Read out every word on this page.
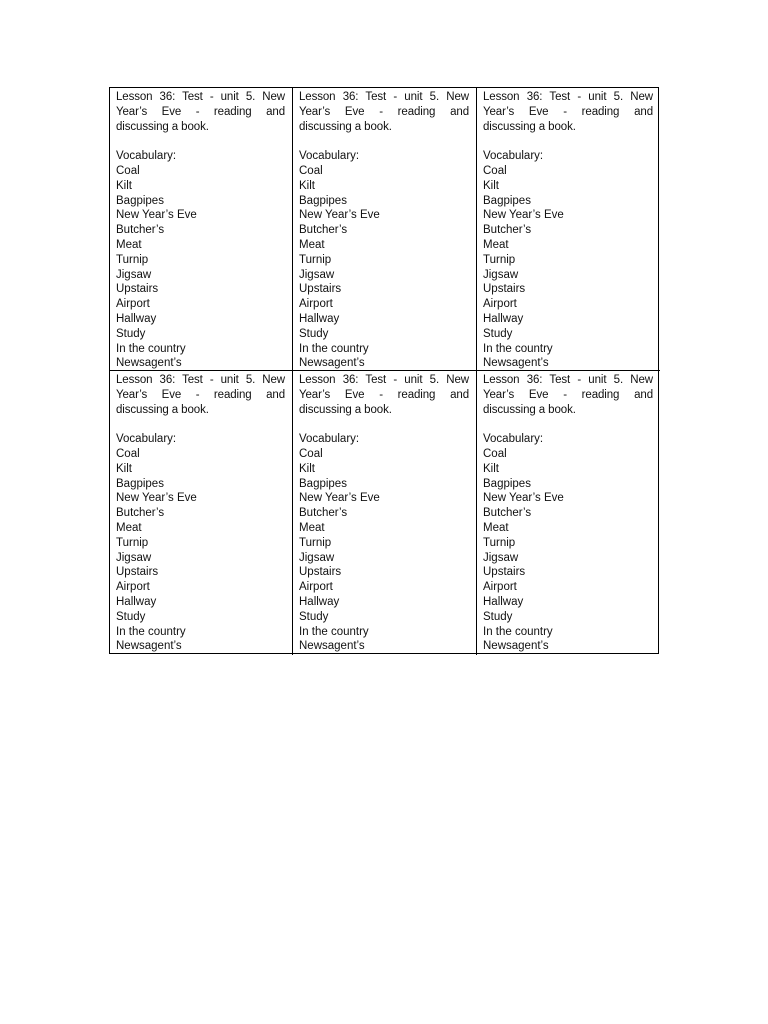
Lesson 36: Test - unit 5. New Year’s Eve - reading and discussing a book.

Vocabulary:

Coal
Kilt
Bagpipes
New Year’s Eve
Butcher’s
Meat
Turnip
Jigsaw
Upstairs
Airport
Hallway
Study
In the country
Newsagent’s

Lesson 36: Test - unit 5. New Year’s Eve - reading and discussing a book.

Vocabulary:

Coal
Kilt
Bagpipes
New Year’s Eve
Butcher’s
Meat
Turnip
Jigsaw
Upstairs
Airport
Hallway
Study
In the country
Newsagent’s

Lesson 36: Test - unit 5. New Year’s Eve - reading and discussing a book.

Vocabulary:

Coal
Kilt
Bagpipes
New Year’s Eve
Butcher’s
Meat
Turnip
Jigsaw
Upstairs
Airport
Hallway
Study
In the country
Newsagent’s

Lesson 36: Test - unit 5. New Year’s Eve - reading and discussing a book.

Vocabulary:

Coal
Kilt
Bagpipes
New Year’s Eve
Butcher’s
Meat
Turnip
Jigsaw
Upstairs
Airport
Hallway
Study
In the country
Newsagent’s

Lesson 36: Test - unit 5. New Year’s Eve - reading and discussing a book.

Vocabulary:

Coal
Kilt
Bagpipes
New Year’s Eve
Butcher’s
Meat
Turnip
Jigsaw
Upstairs
Airport
Hallway
Study
In the country
Newsagent’s

Lesson 36: Test - unit 5. New Year’s Eve - reading and discussing a book.

Vocabulary:

Coal
Kilt
Bagpipes
New Year’s Eve
Butcher’s
Meat
Turnip
Jigsaw
Upstairs
Airport
Hallway
Study
In the country
Newsagent’s
